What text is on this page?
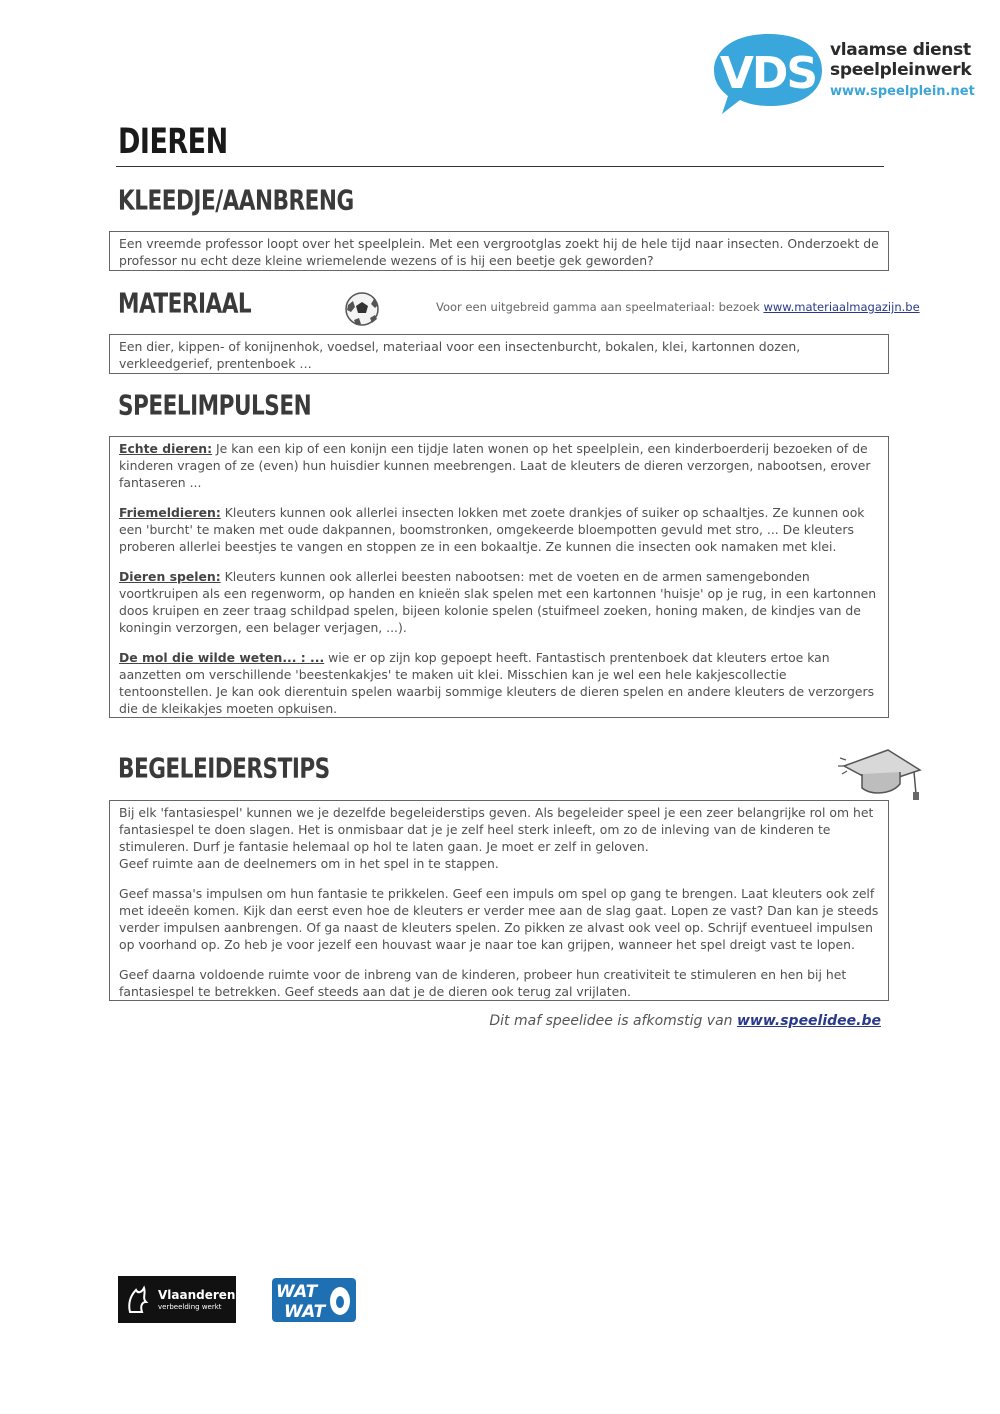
VDS vlaamse dienst
speelpleinwerk
www.speelplein.net
DIEREN
KLEEDJE/AANBRENG

Een vreemde professor loopt over het speelplein. Met een vergrootglas zoekt hij de hele tijd naar insecten. Onderzoekt de professor nu echt deze kleine wriemelende wezens of is hij een beetje gek geworden?

MATERIAAL	Voor een uitgebreid gamma aan speelmateriaal: bezoek www.materiaalmagazijn.be

Een dier, kippen- of konijnenhok, voedsel, materiaal voor een insectenburcht, bokalen, klei, kartonnen dozen, verkleedgerief, prentenboek …

SPEELIMPULSEN

Echte dieren: Je kan een kip of een konijn een tijdje laten wonen op het speelplein, een kinderboerderij bezoeken of de kinderen vragen of ze (even) hun huisdier kunnen meebrengen. Laat de kleuters de dieren verzorgen, nabootsen, erover fantaseren ...

Friemeldieren: Kleuters kunnen ook allerlei insecten lokken met zoete drankjes of suiker op schaaltjes. Ze kunnen ook een 'burcht' te maken met oude dakpannen, boomstronken, omgekeerde bloempotten gevuld met stro, ... De kleuters proberen allerlei beestjes te vangen en stoppen ze in een bokaaltje. Ze kunnen die insecten ook namaken met klei.

Dieren spelen: Kleuters kunnen ook allerlei beesten nabootsen: met de voeten en de armen samengebonden voortkruipen als een regenworm, op handen en knieën slak spelen met een kartonnen 'huisje' op je rug, in een kartonnen doos kruipen en zeer traag schildpad spelen, bijeen kolonie spelen (stuifmeel zoeken, honing maken, de kindjes van de koningin verzorgen, een belager verjagen, ...).

De mol die wilde weten... : ... wie er op zijn kop gepoept heeft. Fantastisch prentenboek dat kleuters ertoe kan aanzetten om verschillende 'beestenkakjes' te maken uit klei. Misschien kan je wel een hele kakjescollectie tentoonstellen. Je kan ook dierentuin spelen waarbij sommige kleuters de dieren spelen en andere kleuters de verzorgers die de kleikakjes moeten opkuisen.

BEGELEIDERSTIPS

Bij elk 'fantasiespel' kunnen we je dezelfde begeleiderstips geven. Als begeleider speel je een zeer belangrijke rol om het fantasiespel te doen slagen. Het is onmisbaar dat je je zelf heel sterk inleeft, om zo de inleving van de kinderen te stimuleren. Durf je fantasie helemaal op hol te laten gaan. Je moet er zelf in geloven.
Geef ruimte aan de deelnemers om in het spel in te stappen.

Geef massa's impulsen om hun fantasie te prikkelen. Geef een impuls om spel op gang te brengen. Laat kleuters ook zelf met ideeën komen. Kijk dan eerst even hoe de kleuters er verder mee aan de slag gaat. Lopen ze vast? Dan kan je steeds verder impulsen aanbrengen. Of ga naast de kleuters spelen. Zo pikken ze alvast ook veel op. Schrijf eventueel impulsen op voorhand op. Zo heb je voor jezelf een houvast waar je naar toe kan grijpen, wanneer het spel dreigt vast te lopen.

Geef daarna voldoende ruimte voor de inbreng van de kinderen, probeer hun creativiteit te stimuleren en hen bij het fantasiespel te betrekken. Geef steeds aan dat je de dieren ook terug zal vrijlaten.

Dit maf speelidee is afkomstig van www.speelidee.be
Vlaanderen
verbeelding werkt
WAT
WAT
